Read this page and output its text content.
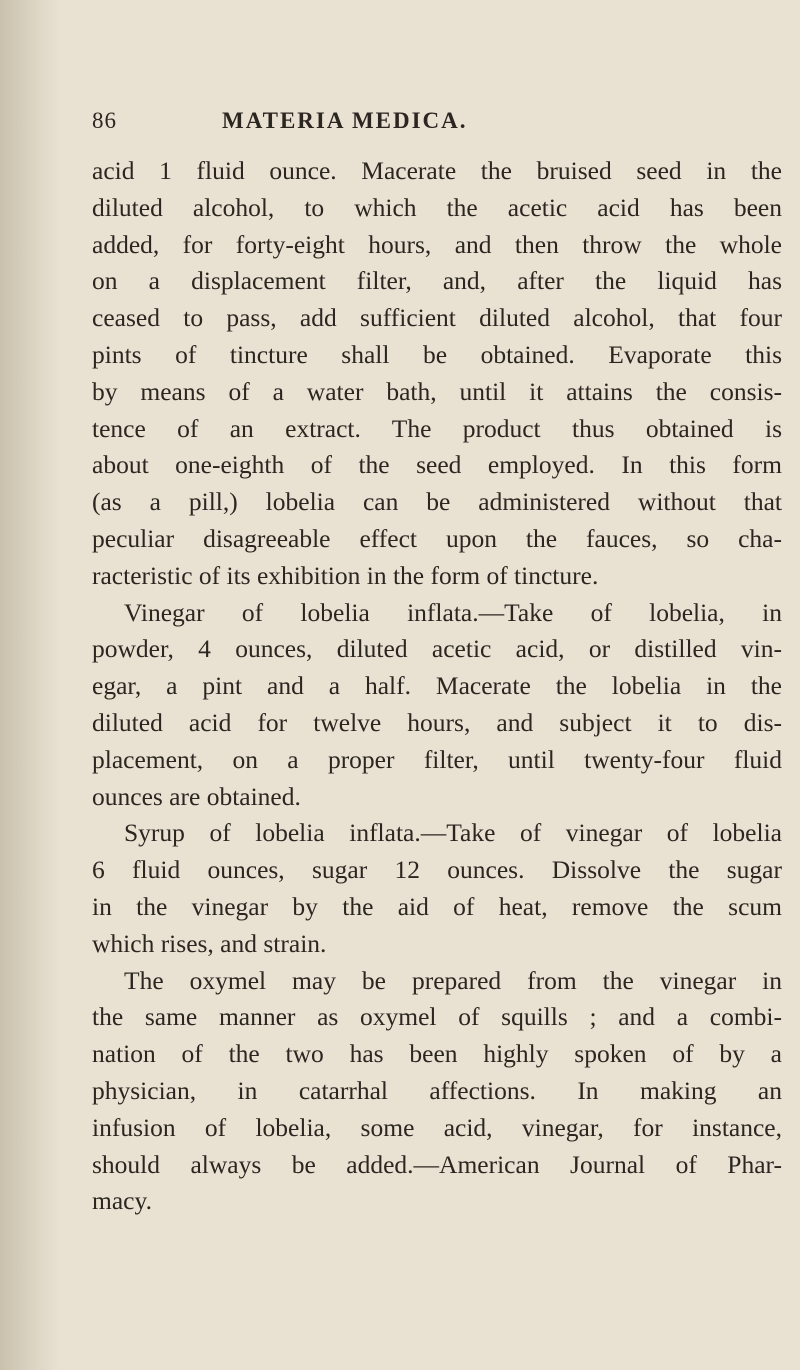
86	MATERIA MEDICA.
acid 1 fluid ounce. Macerate the bruised seed in the
diluted alcohol, to which the acetic acid has been
added, for forty-eight hours, and then throw the whole
on a displacement filter, and, after the liquid has
ceased to pass, add sufficient diluted alcohol, that four
pints of tincture shall be obtained. Evaporate this
by means of a water bath, until it attains the consis-
tence of an extract. The product thus obtained is
about one-eighth of the seed employed. In this form
(as a pill,) lobelia can be administered without that
peculiar disagreeable effect upon the fauces, so cha-
racteristic of its exhibition in the form of tincture.
Vinegar of lobelia inflata.—Take of lobelia, in
powder, 4 ounces, diluted acetic acid, or distilled vin-
egar, a pint and a half. Macerate the lobelia in the
diluted acid for twelve hours, and subject it to dis-
placement, on a proper filter, until twenty-four fluid
ounces are obtained.
Syrup of lobelia inflata.—Take of vinegar of lobelia
6 fluid ounces, sugar 12 ounces. Dissolve the sugar
in the vinegar by the aid of heat, remove the scum
which rises, and strain.
The oxymel may be prepared from the vinegar in
the same manner as oxymel of squills ; and a combi-
nation of the two has been highly spoken of by a
physician, in catarrhal affections. In making an
infusion of lobelia, some acid, vinegar, for instance,
should always be added.—American Journal of Phar-
macy.
